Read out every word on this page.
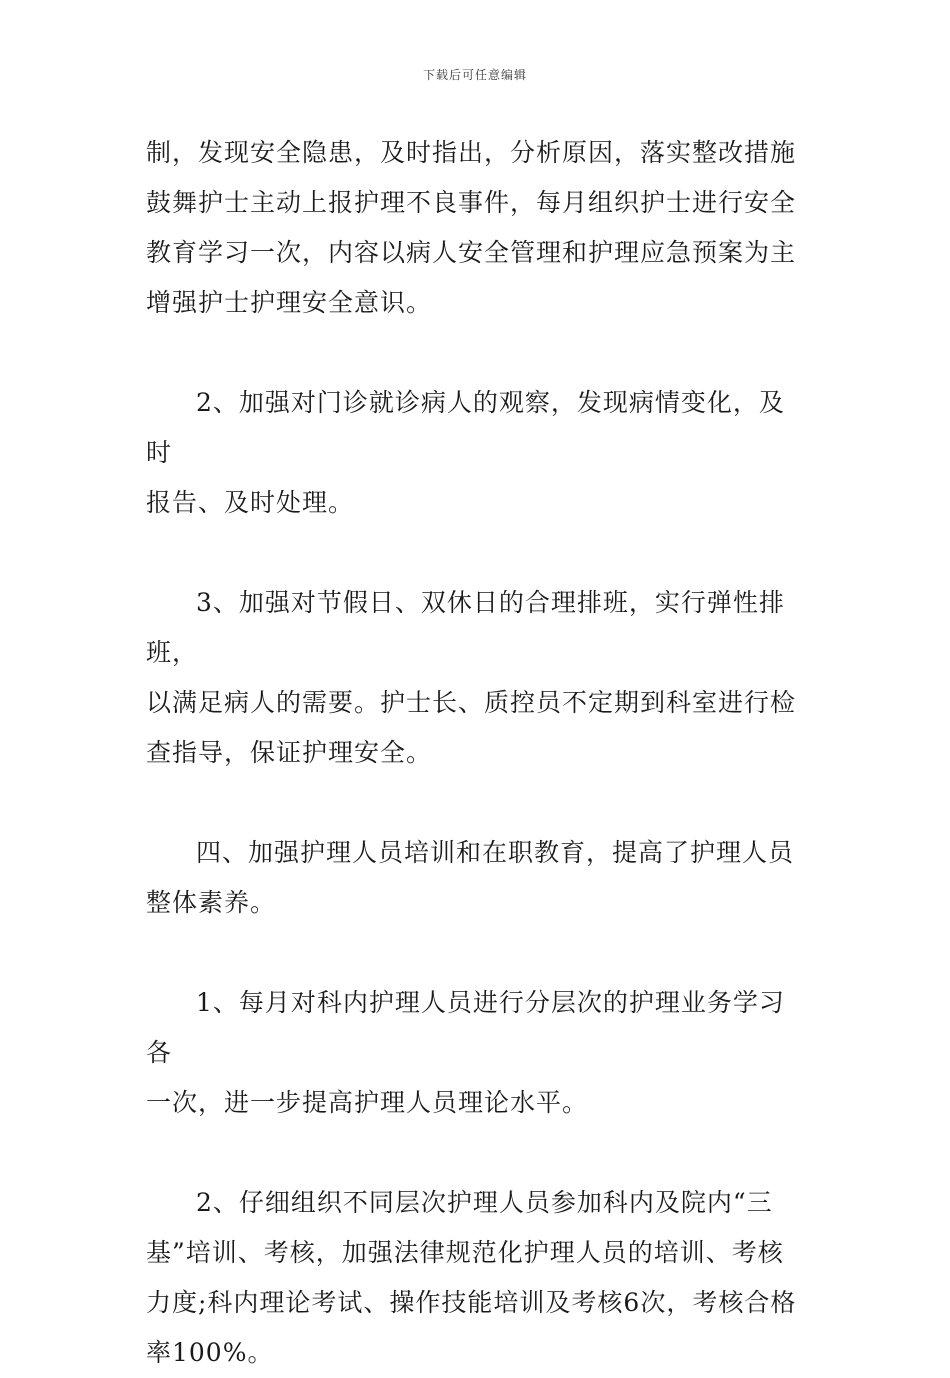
下载后可任意编辑
制，发现安全隐患，及时指出，分析原因，落实整改措施
鼓舞护士主动上报护理不良事件，每月组织护士进行安全
教育学习一次，内容以病人安全管理和护理应急预案为主
增强护士护理安全意识。
2、加强对门诊就诊病人的观察，发现病情变化，及时
报告、及时处理。
3、加强对节假日、双休日的合理排班，实行弹性排班，
以满足病人的需要。护士长、质控员不定期到科室进行检
查指导，保证护理安全。
四、加强护理人员培训和在职教育，提高了护理人员
整体素养。
1、每月对科内护理人员进行分层次的护理业务学习各
一次，进一步提高护理人员理论水平。
2、仔细组织不同层次护理人员参加科内及院内“三
基”培训、考核，加强法律规范化护理人员的培训、考核
力度;科内理论考试、操作技能培训及考核6次，考核合格
率100%。
